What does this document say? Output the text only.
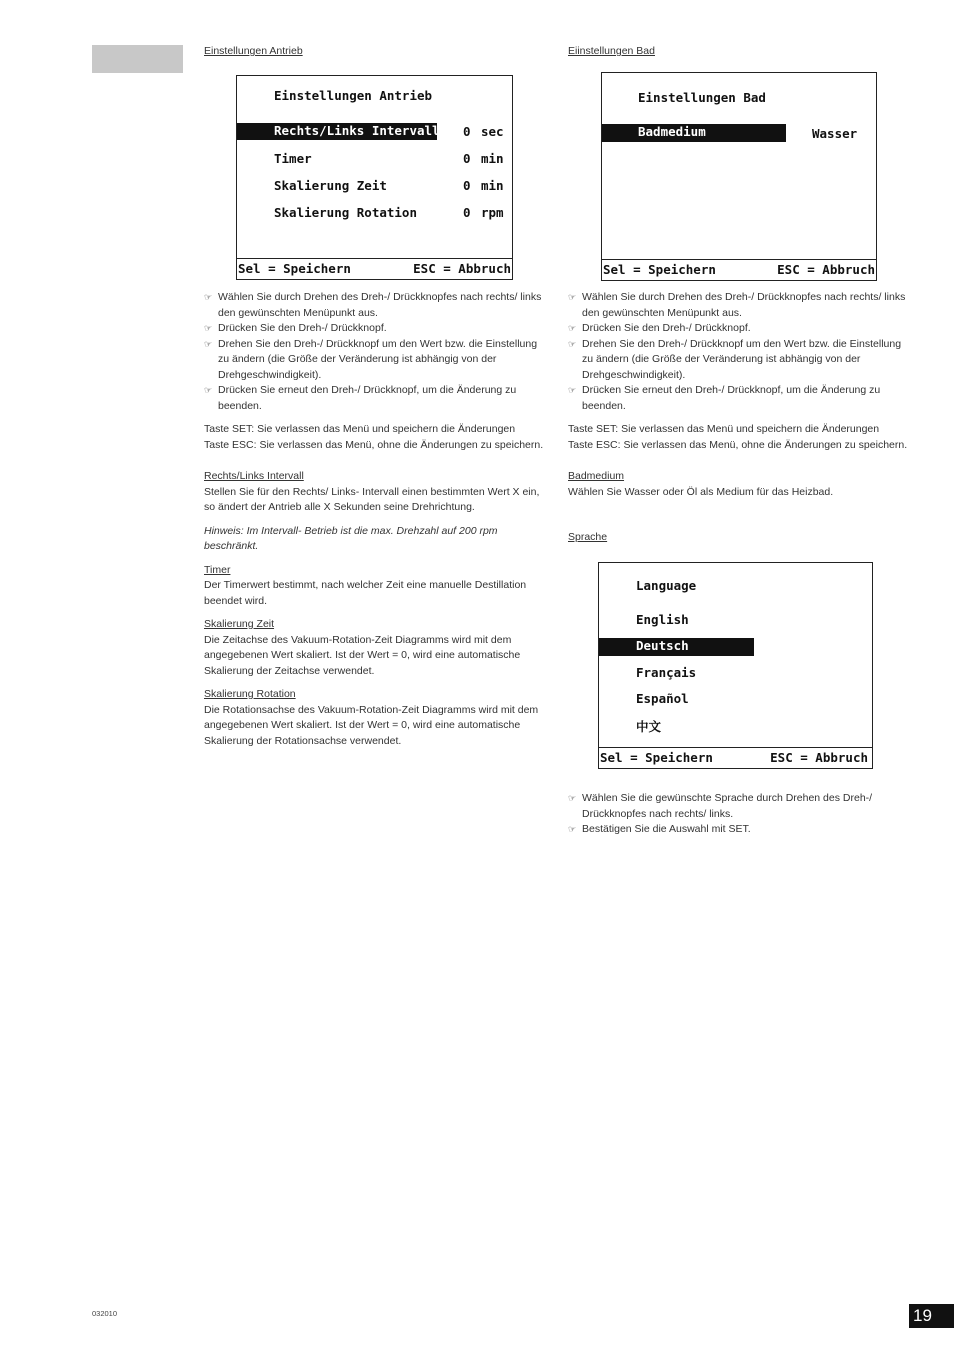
Einstellungen Antrieb
Einstellungen Antrieb
Rechts/Links Intervall 0 sec
Timer	0 min
Skalierung Zeit	0 min
Skalierung Rotation	0 rpm
Sel = Speichern	ESC = Abbruch
☞ Wählen Sie durch Drehen des Dreh-/ Drückknopfes nach rechts/ links den gewünschten Menüpunkt aus.
☞ Drücken Sie den Dreh-/ Drückknopf.
☞ Drehen Sie den Dreh-/ Drückknopf um den Wert bzw. die Einstellung zu ändern (die Größe der Veränderung ist abhängig von der Drehgeschwindigkeit).
☞ Drücken Sie erneut den Dreh-/ Drückknopf, um die Änderung zu beenden.

Taste SET: Sie verlassen das Menü und speichern die Änderungen

Taste ESC: Sie verlassen das Menü, ohne die Änderungen zu speichern.

Rechts/Links Intervall

Stellen Sie für den Rechts/ Links- Intervall einen bestimmten Wert X ein, so ändert der Antrieb alle X Sekunden seine Drehrichtung.

Hinweis: Im Intervall- Betrieb ist die max. Drehzahl auf 200 rpm beschränkt.

Timer

Der Timerwert bestimmt, nach welcher Zeit eine manuelle Destillation beendet wird.

Skalierung Zeit

Die Zeitachse des Vakuum-Rotation-Zeit Diagramms wird mit dem angegebenen Wert skaliert. Ist der Wert = 0, wird eine automatische Skalierung der Zeitachse verwendet.

Skalierung Rotation

Die Rotationsachse des Vakuum-Rotation-Zeit Diagramms wird mit dem angegebenen Wert skaliert. Ist der Wert = 0, wird eine automatische Skalierung der Rotationsachse verwendet.

Eiinstellungen Bad
Einstellungen Bad
Badmedium	Wasser
Sel = Speichern	ESC = Abbruch
☞ Wählen Sie durch Drehen des Dreh-/ Drückknopfes nach rechts/ links den gewünschten Menüpunkt aus.
☞ Drücken Sie den Dreh-/ Drückknopf.
☞ Drehen Sie den Dreh-/ Drückknopf um den Wert bzw. die Einstellung zu ändern (die Größe der Veränderung ist abhängig von der Drehgeschwindigkeit).
☞ Drücken Sie erneut den Dreh-/ Drückknopf, um die Änderung zu beenden.

Taste SET: Sie verlassen das Menü und speichern die Änderungen

Taste ESC: Sie verlassen das Menü, ohne die Änderungen zu speichern.

Badmedium

Wählen Sie Wasser oder Öl als Medium für das Heizbad.

Sprache
Language
English
Deutsch
Français
Español
中文
Sel = Speichern	ESC = Abbruch
☞ Wählen Sie die gewünschte Sprache durch Drehen des Dreh-/ Drückknopfes nach rechts/ links.
☞ Bestätigen Sie die Auswahl mit SET.
032010	19
